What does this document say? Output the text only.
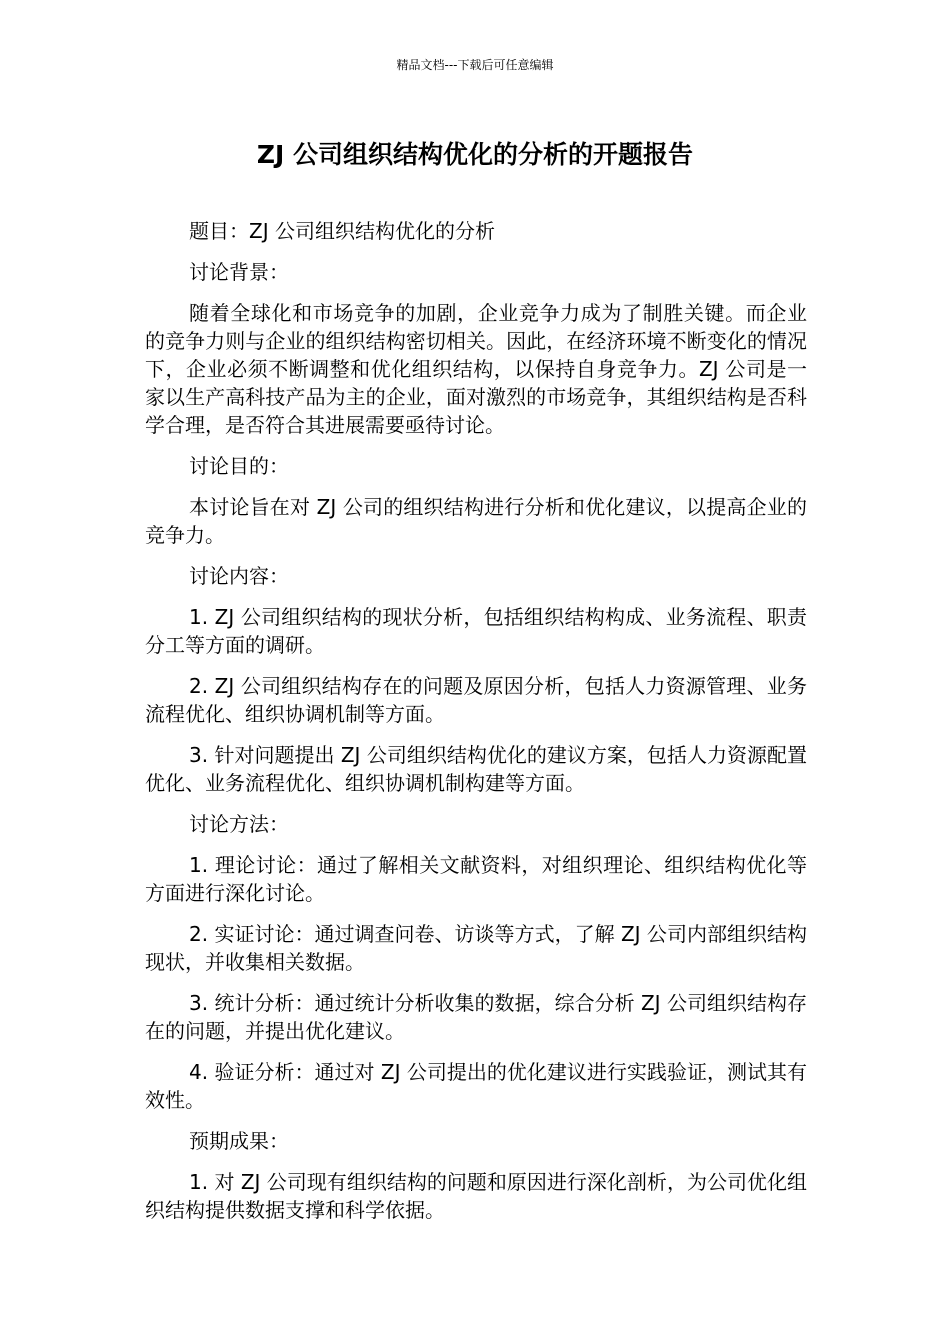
精品文档---下载后可任意编辑
ZJ 公司组织结构优化的分析的开题报告

题目：ZJ 公司组织结构优化的分析

讨论背景：

随着全球化和市场竞争的加剧，企业竞争力成为了制胜关键。而企业的竞争力则与企业的组织结构密切相关。因此，在经济环境不断变化的情况下，企业必须不断调整和优化组织结构，以保持自身竞争力。ZJ 公司是一家以生产高科技产品为主的企业，面对激烈的市场竞争，其组织结构是否科学合理，是否符合其进展需要亟待讨论。

讨论目的：

本讨论旨在对 ZJ 公司的组织结构进行分析和优化建议，以提高企业的竞争力。

讨论内容：

1. ZJ 公司组织结构的现状分析，包括组织结构构成、业务流程、职责分工等方面的调研。

2. ZJ 公司组织结构存在的问题及原因分析，包括人力资源管理、业务流程优化、组织协调机制等方面。

3. 针对问题提出 ZJ 公司组织结构优化的建议方案，包括人力资源配置优化、业务流程优化、组织协调机制构建等方面。

讨论方法：

1. 理论讨论：通过了解相关文献资料，对组织理论、组织结构优化等方面进行深化讨论。

2. 实证讨论：通过调查问卷、访谈等方式，了解 ZJ 公司内部组织结构现状，并收集相关数据。

3. 统计分析：通过统计分析收集的数据，综合分析 ZJ 公司组织结构存在的问题，并提出优化建议。

4. 验证分析：通过对 ZJ 公司提出的优化建议进行实践验证，测试其有效性。

预期成果：

1. 对 ZJ 公司现有组织结构的问题和原因进行深化剖析，为公司优化组织结构提供数据支撑和科学依据。
